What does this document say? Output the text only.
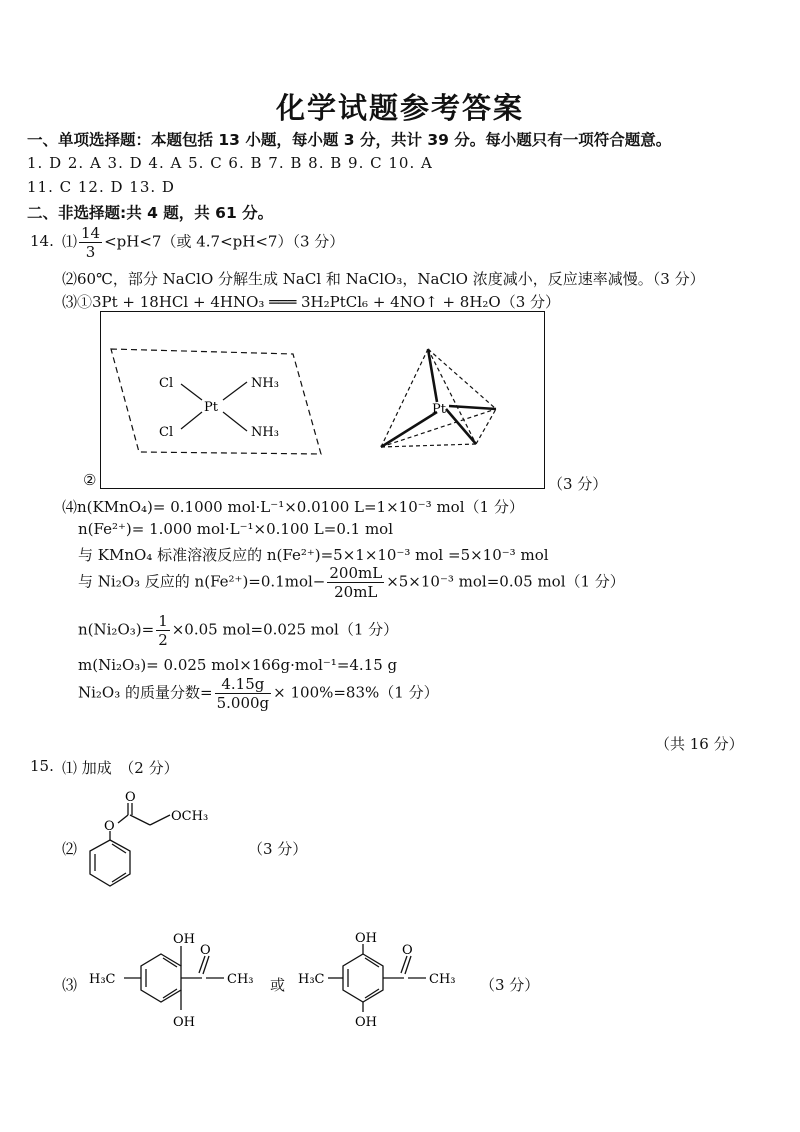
化学试题参考答案
一、单项选择题：本题包括 13 小题，每小题 3 分，共计 39 分。每小题只有一项符合题意。
1. D 2. A 3. D 4. A 5. C 6. B 7. B 8. B 9. C 10. A
11. C 12. D 13. D
二、非选择题:共 4 题，共 61 分。
14. ⑴ $\frac{14}{3} <pH<7$（或 4.7<pH<7）（3 分）
⑵60℃，部分 NaClO 分解生成 NaCl 和 NaClO₃，NaClO 浓度减小，反应速率减慢。（3 分）
⑶①3Pt + 18HCl + 4HNO₃ ═══ 3H₂PtCl₆ + 4NO↑ + 8H₂O（3 分）
Cl
Cl
NH₃
NH₃
Pt	Pt
②	（3 分）
⑷n(KMnO₄)= 0.1000 mol·L⁻¹×0.0100 L=1×10⁻³ mol（1 分）
n(Fe²⁺)= 1.000 mol·L⁻¹×0.100 L=0.1 mol
与 KMnO₄ 标准溶液反应的 n(Fe²⁺)=5×1×10⁻³ mol =5×10⁻³ mol
与 Ni₂O₃ 反应的 $n(Fe^{2+})=0.1mol- \frac{200mL}{20mL} \times 5\times 10^{-3}$ mol=0.05 mol（1 分）
$n(Ni_2O_3)= \frac{1}{2} \times 0.05$ mol=0.025 mol（1 分）
m(Ni₂O₃)= 0.025 mol×166g·mol⁻¹=4.15 g
Ni₂O₃ 的质量分数= $\frac{4.15g}{5.000g} \times 100\%=83\%(1$ 分）
（共 16 分）
15. ⑴ 加成　（2 分）
⑵	（3 分）
O
O
OCH₃
⑶
OH
OH
H₃C
O
CH₃ 或
OH
OH
H₃C
O
CH₃ （3 分）
